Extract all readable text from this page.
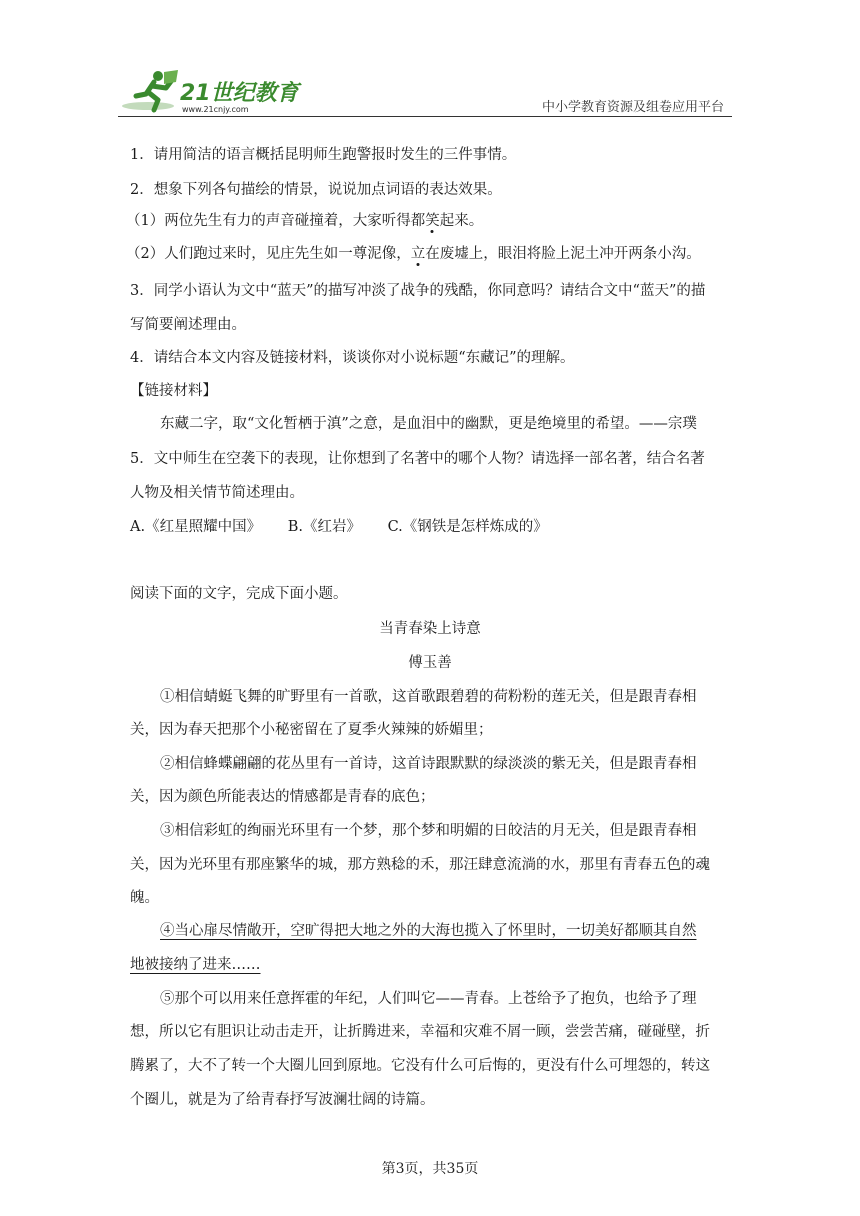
21世纪教育
www.21cnjy.com	中小学教育资源及组卷应用平台
1．请用简洁的语言概括昆明师生跑警报时发生的三件事情。
2．想象下列各句描绘的情景，说说加点词语的表达效果。
（1）两位先生有力的声音碰撞着，大家听得都笑起来。
（2）人们跑过来时，见庄先生如一尊泥像，立在废墟上，眼泪将脸上泥土冲开两条小沟。
3．同学小语认为文中“蓝天”的描写冲淡了战争的残酷，你同意吗？请结合文中“蓝天”的描
写简要阐述理由。
4．请结合本文内容及链接材料，谈谈你对小说标题“东藏记”的理解。
【链接材料】
东藏二字，取“文化暂栖于滇”之意，是血泪中的幽默，更是绝境里的希望。——宗璞
5．文中师生在空袭下的表现，让你想到了名著中的哪个人物？请选择一部名著，结合名著
人物及相关情节简述理由。
A.《红星照耀中国》 B.《红岩》 C.《钢铁是怎样炼成的》
阅读下面的文字，完成下面小题。
当青春染上诗意
傅玉善
①相信蜻蜓飞舞的旷野里有一首歌，这首歌跟碧碧的荷粉粉的莲无关，但是跟青春相
关，因为春天把那个小秘密留在了夏季火辣辣的娇媚里；
②相信蜂蝶翩翩的花丛里有一首诗，这首诗跟默默的绿淡淡的紫无关，但是跟青春相
关，因为颜色所能表达的情感都是青春的底色；
③相信彩虹的绚丽光环里有一个梦，那个梦和明媚的日皎洁的月无关，但是跟青春相
关，因为光环里有那座繁华的城，那方熟稔的禾，那汪肆意流淌的水，那里有青春五色的魂
魄。
④当心扉尽情敞开，空旷得把大地之外的大海也揽入了怀里时，一切美好都顺其自然
地被接纳了进来……
⑤那个可以用来任意挥霍的年纪，人们叫它——青春。上苍给予了抱负，也给予了理
想，所以它有胆识让动击走开，让折腾进来，幸福和灾难不屑一顾，尝尝苦痛，碰碰壁，折
腾累了，大不了转一个大圈儿回到原地。它没有什么可后悔的，更没有什么可埋怨的，转这
个圈儿，就是为了给青春抒写波澜壮阔的诗篇。
第3页，共35页
